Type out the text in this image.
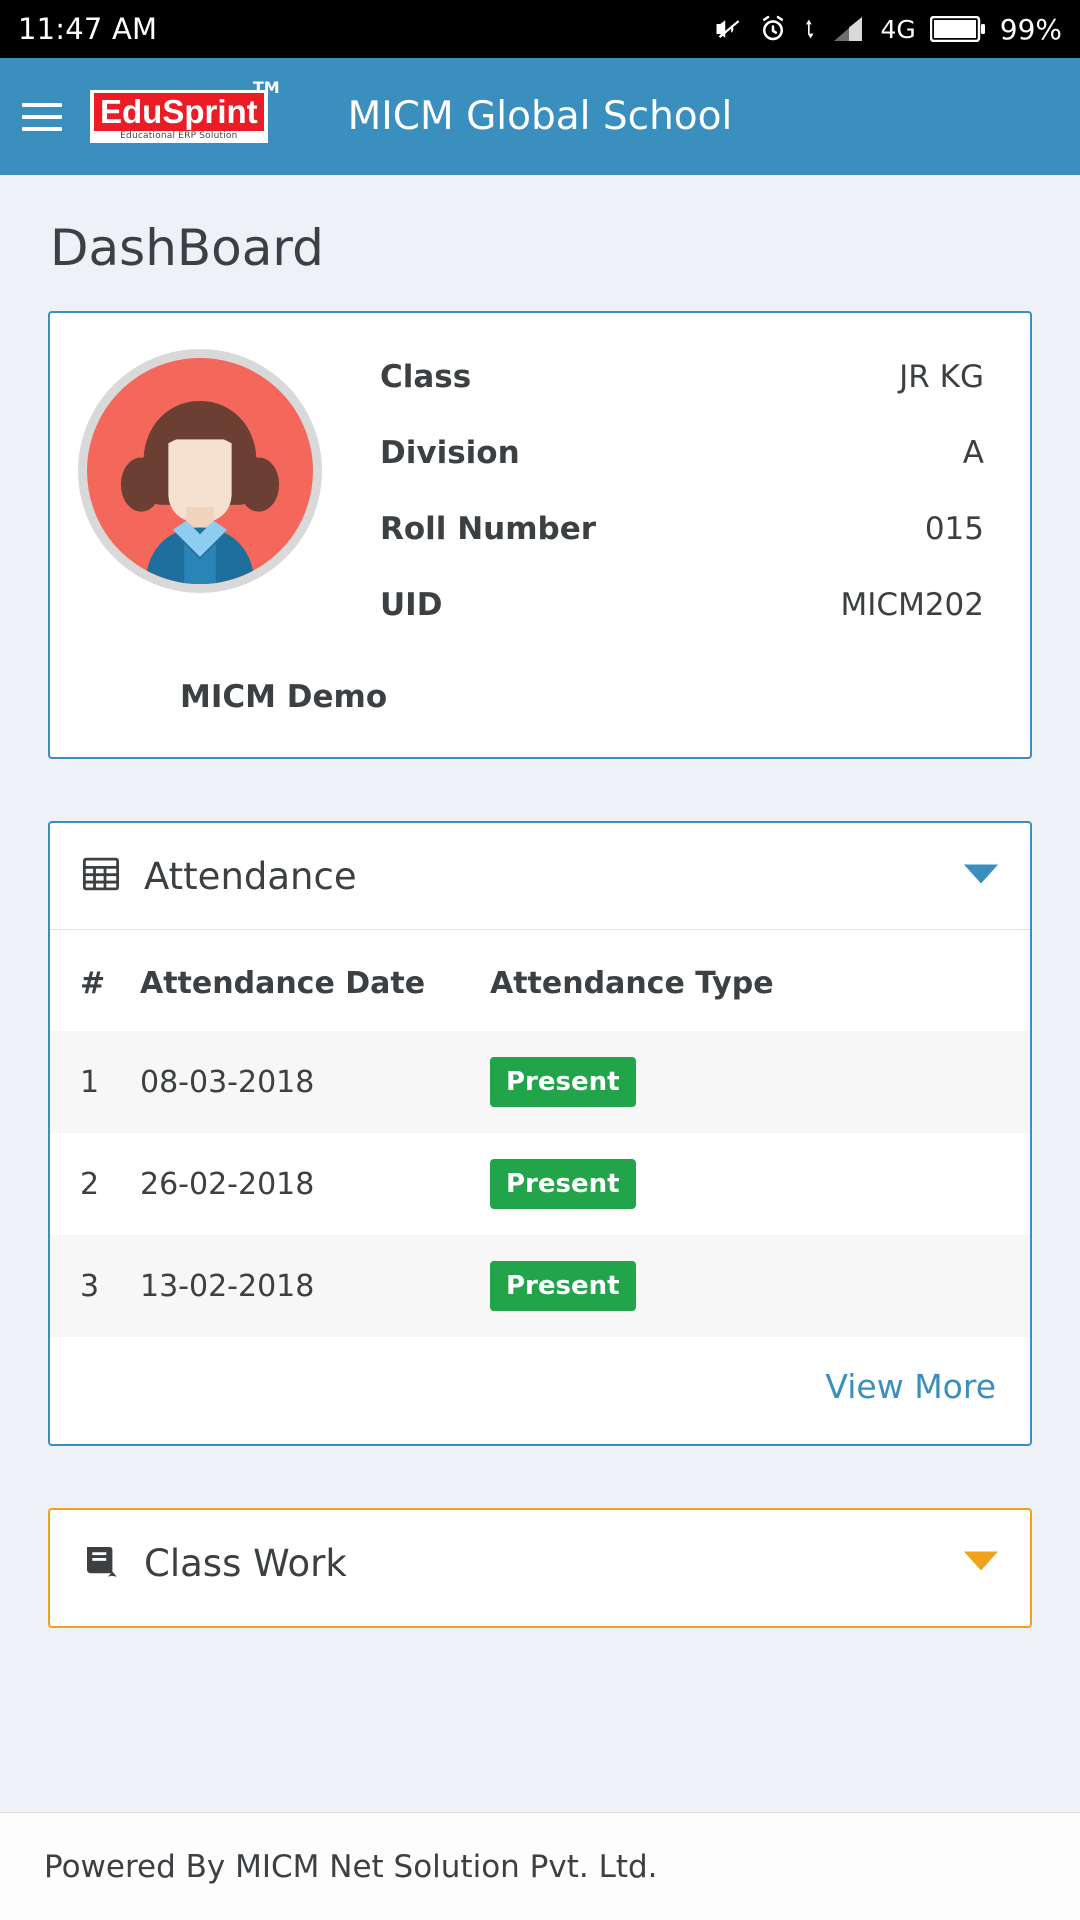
11:47 AM	4G	99%
EduSprint
TM
Educational ERP Solution	MICM Global School
DashBoard
Class	JR KG
Division	A
Roll Number	015
UID	MICM202
MICM Demo
Attendance
#	Attendance Date	Attendance Type
1	08-03-2018	Present
2	26-02-2018	Present
3	13-02-2018	Present
View More
Class Work
Powered By MICM Net Solution Pvt. Ltd.
